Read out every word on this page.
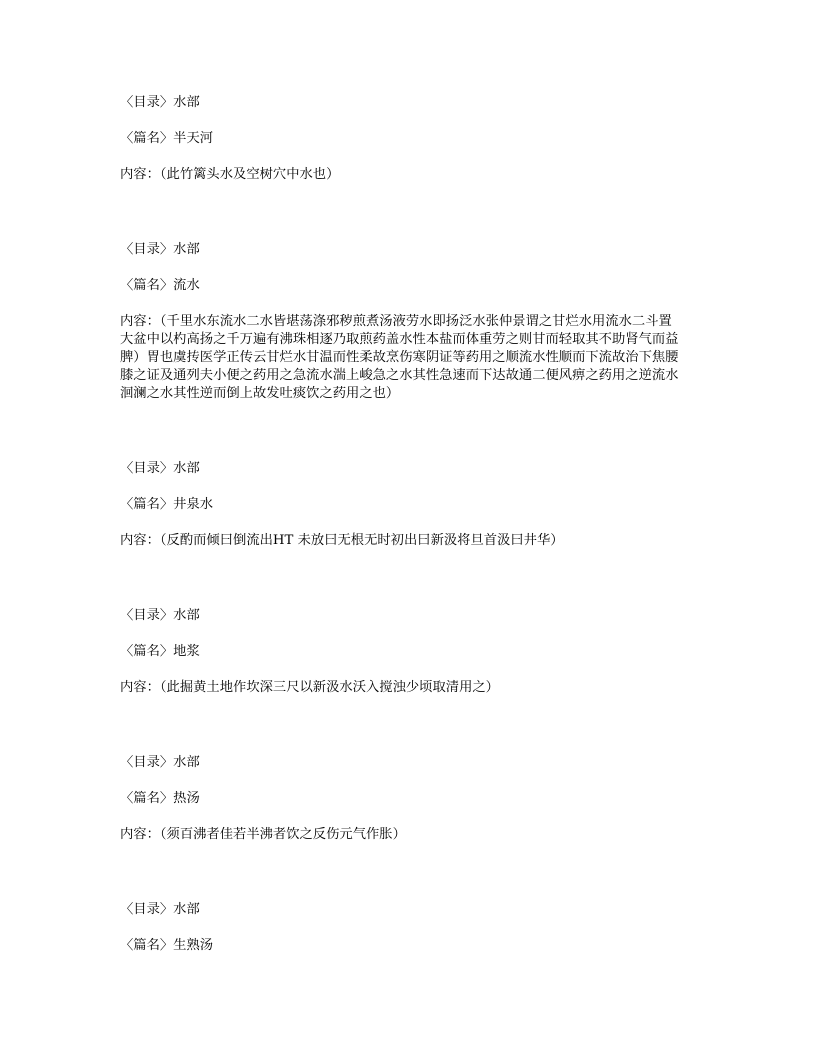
〈目录〉水部

〈篇名〉半天河

内容：（此竹篱头水及空树穴中水也）

〈目录〉水部

〈篇名〉流水

内容：（千里水东流水二水皆堪荡涤邪秽煎煮汤液劳水即扬泛水张仲景谓之甘烂水用流水二斗置大盆中以杓高扬之千万遍有沸珠相逐乃取煎药盖水性本盐而体重劳之则甘而轻取其不助肾气而益脾）胃也虞抟医学正传云甘烂水甘温而性柔故烹伤寒阴证等药用之顺流水性顺而下流故治下焦腰膝之证及通列夫小便之药用之急流水湍上峻急之水其性急速而下达故通二便风痹之药用之逆流水洄澜之水其性逆而倒上故发吐痰饮之药用之也）

〈目录〉水部

〈篇名〉井泉水

内容：（反酌而倾曰倒流出HT 未放曰无根无时初出曰新汲将旦首汲曰井华）

〈目录〉水部

〈篇名〉地浆

内容：（此掘黄土地作坎深三尺以新汲水沃入搅浊少顷取清用之）

〈目录〉水部

〈篇名〉热汤

内容：（须百沸者佳若半沸者饮之反伤元气作胀）

〈目录〉水部

〈篇名〉生熟汤
